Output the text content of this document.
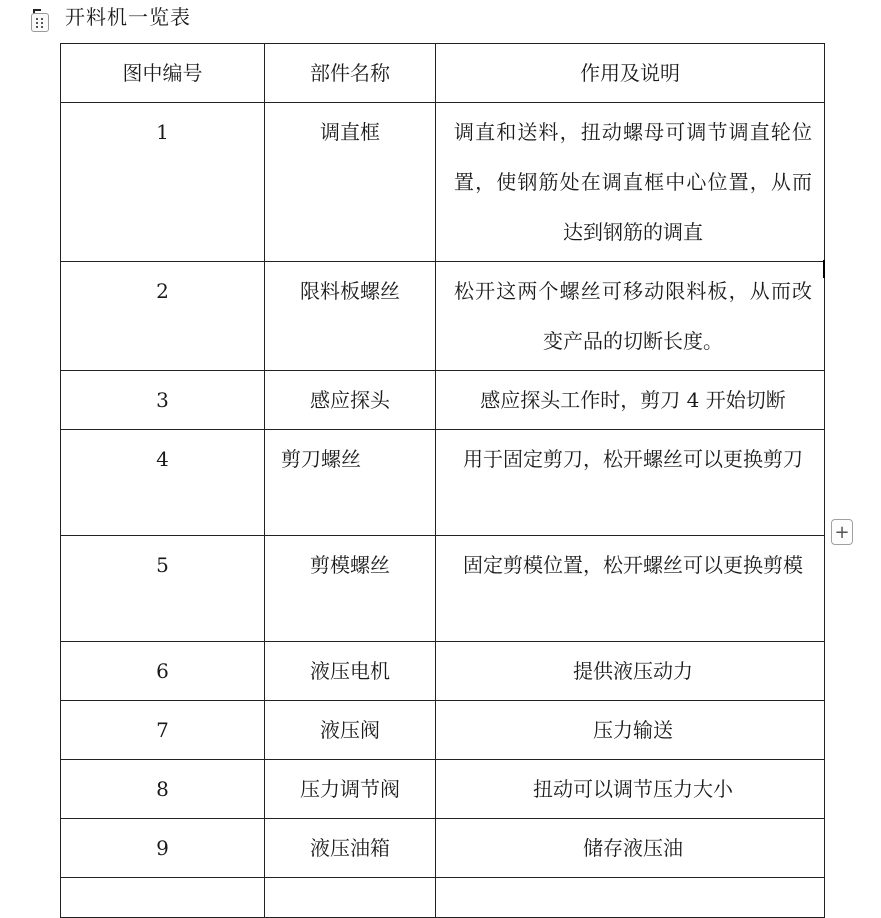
开料机一览表
图中编号	部件名称	作用及说明

1	调直框	调直和送料，扭动螺母可调节调直轮位置，使钢筋处在调直框中心位置，从而达到钢筋的调直

2	限料板螺丝	松开这两个螺丝可移动限料板，从而改变产品的切断长度。

3	感应探头	感应探头工作时，剪刀 4 开始切断

4	剪刀螺丝	用于固定剪刀，松开螺丝可以更换剪刀

5	剪模螺丝	固定剪模位置，松开螺丝可以更换剪模

6	液压电机	提供液压动力

7	液压阀	压力输送

8	压力调节阀	扭动可以调节压力大小

9	液压油箱	储存液压油

+
